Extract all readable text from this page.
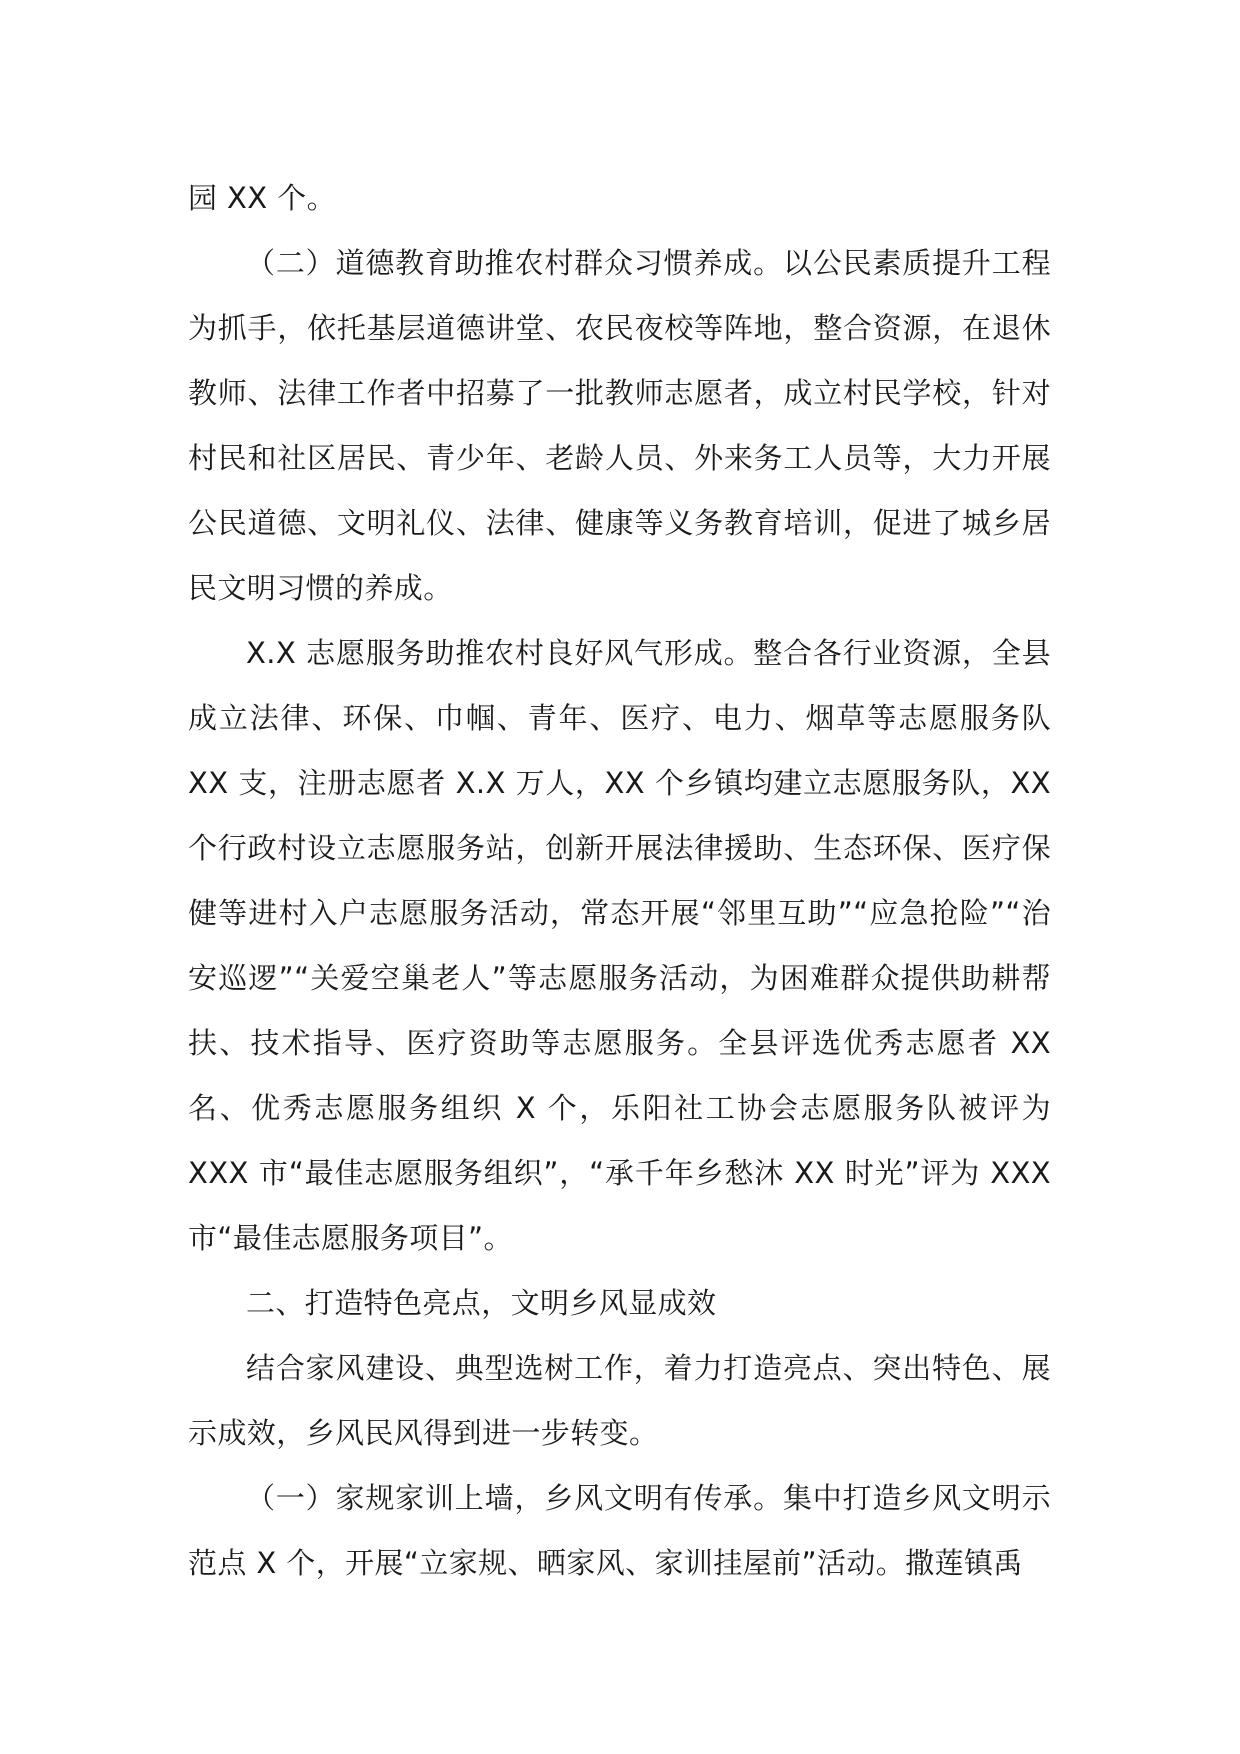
园 XX 个。

（二）道德教育助推农村群众习惯养成。以公民素质提升工程为抓手，依托基层道德讲堂、农民夜校等阵地，整合资源，在退休教师、法律工作者中招募了一批教师志愿者，成立村民学校，针对村民和社区居民、青少年、老龄人员、外来务工人员等，大力开展公民道德、文明礼仪、法律、健康等义务教育培训，促进了城乡居民文明习惯的养成。

X.X 志愿服务助推农村良好风气形成。整合各行业资源，全县成立法律、环保、巾帼、青年、医疗、电力、烟草等志愿服务队 XX 支，注册志愿者 X.X 万人，XX 个乡镇均建立志愿服务队，XX 个行政村设立志愿服务站，创新开展法律援助、生态环保、医疗保健等进村入户志愿服务活动，常态开展“邻里互助”“应急抢险”“治安巡逻”“关爱空巢老人”等志愿服务活动，为困难群众提供助耕帮扶、技术指导、医疗资助等志愿服务。全县评选优秀志愿者 XX 名、优秀志愿服务组织 X 个，乐阳社工协会志愿服务队被评为 XXX 市“最佳志愿服务组织”，“承千年乡愁沐 XX 时光”评为 XXX 市“最佳志愿服务项目”。

二、打造特色亮点，文明乡风显成效

结合家风建设、典型选树工作，着力打造亮点、突出特色、展示成效，乡风民风得到进一步转变。

（一）家规家训上墙，乡风文明有传承。集中打造乡风文明示范点 X 个，开展“立家规、晒家风、家训挂屋前”活动。撒莲镇禹
